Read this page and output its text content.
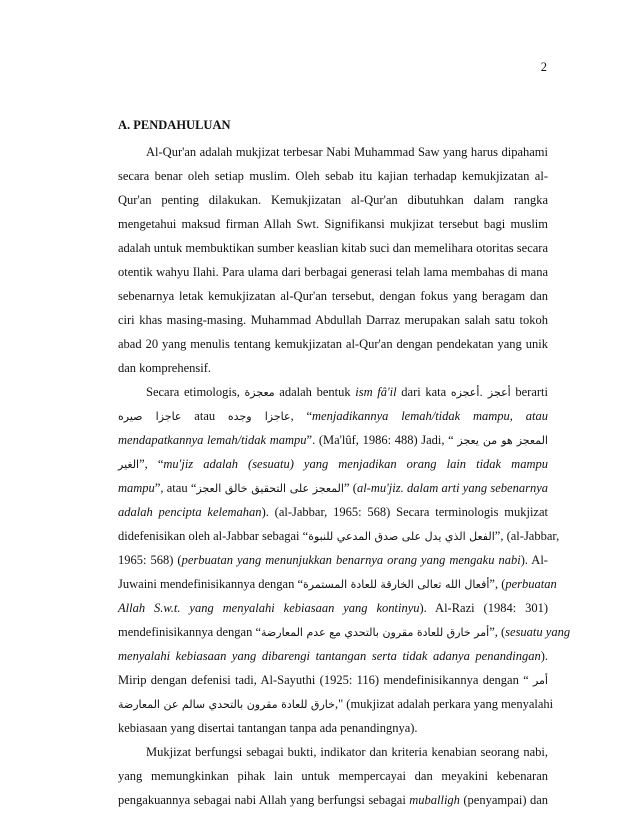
2
A. PENDAHULUAN
Al-Qur'an adalah mukjizat terbesar Nabi Muhammad Saw yang harus dipahami
secara benar oleh setiap muslim. Oleh sebab itu kajian terhadap kemukjizatan al-
Qur'an penting dilakukan. Kemukjizatan al-Qur'an dibutuhkan dalam rangka
mengetahui maksud firman Allah Swt. Signifikansi mukjizat tersebut bagi muslim
adalah untuk membuktikan sumber keaslian kitab suci dan memelihara otoritas secara
otentik wahyu Ilahi. Para ulama dari berbagai generasi telah lama membahas di mana
sebenarnya letak kemukjizatan al-Qur'an tersebut, dengan fokus yang beragam dan
ciri khas masing-masing. Muhammad Abdullah Darraz merupakan salah satu tokoh
abad 20 yang menulis tentang kemukjizatan al-Qur'an dengan pendekatan yang unik
dan komprehensif.
Secara etimologis, معجزة adalah bentuk ism fâ'il dari kata أعجز .أعجزه berarti
عاجزا صيره atau عاجزا وجده, “menjadikannya lemah/tidak mampu, atau
mendapatkannya lemah/tidak mampu”. (Ma'lûf, 1986: 488) Jadi, “ المعجز هو من يعجز
الغير”, “mu'jiz adalah (sesuatu) yang menjadikan orang lain tidak mampu
mampu”, atau “المعجز على التحقيق خالق العجز” (al-mu'jiz. dalam arti yang sebenarnya
adalah pencipta kelemahan). (al-Jabbar, 1965: 568) Secara terminologis mukjizat
didefenisikan oleh al-Jabbar sebagai “الفعل الذي يدل على صدق المدعي للنبوة”, (al-Jabbar,
1965: 568) (perbuatan yang menunjukkan benarnya orang yang mengaku nabi). Al-
Juwaini mendefinisikannya dengan “أفعال الله تعالى الخارقة للعادة المستمرة”, (perbuatan
Allah S.w.t. yang menyalahi kebiasaan yang kontinyu). Al-Razi (1984: 301)
mendefinisikannya dengan “أمر خارق للعادة مقرون بالتحدي مع عدم المعارضة”, (sesuatu yang
menyalahi kebiasaan yang dibarengi tantangan serta tidak adanya penandingan).
Mirip dengan defenisi tadi, Al-Sayuthi (1925: 116) mendefinisikannya dengan “ أمر
خارق للعادة مقرون بالتحدي سالم عن المعارضة," (mukjizat adalah perkara yang menyalahi
kebiasaan yang disertai tantangan tanpa ada penandingnya).
Mukjizat berfungsi sebagai bukti, indikator dan kriteria kenabian seorang nabi,
yang memungkinkan pihak lain untuk mempercayai dan meyakini kebenaran
pengakuannya sebagai nabi Allah yang berfungsi sebagai muballigh (penyampai) dan
